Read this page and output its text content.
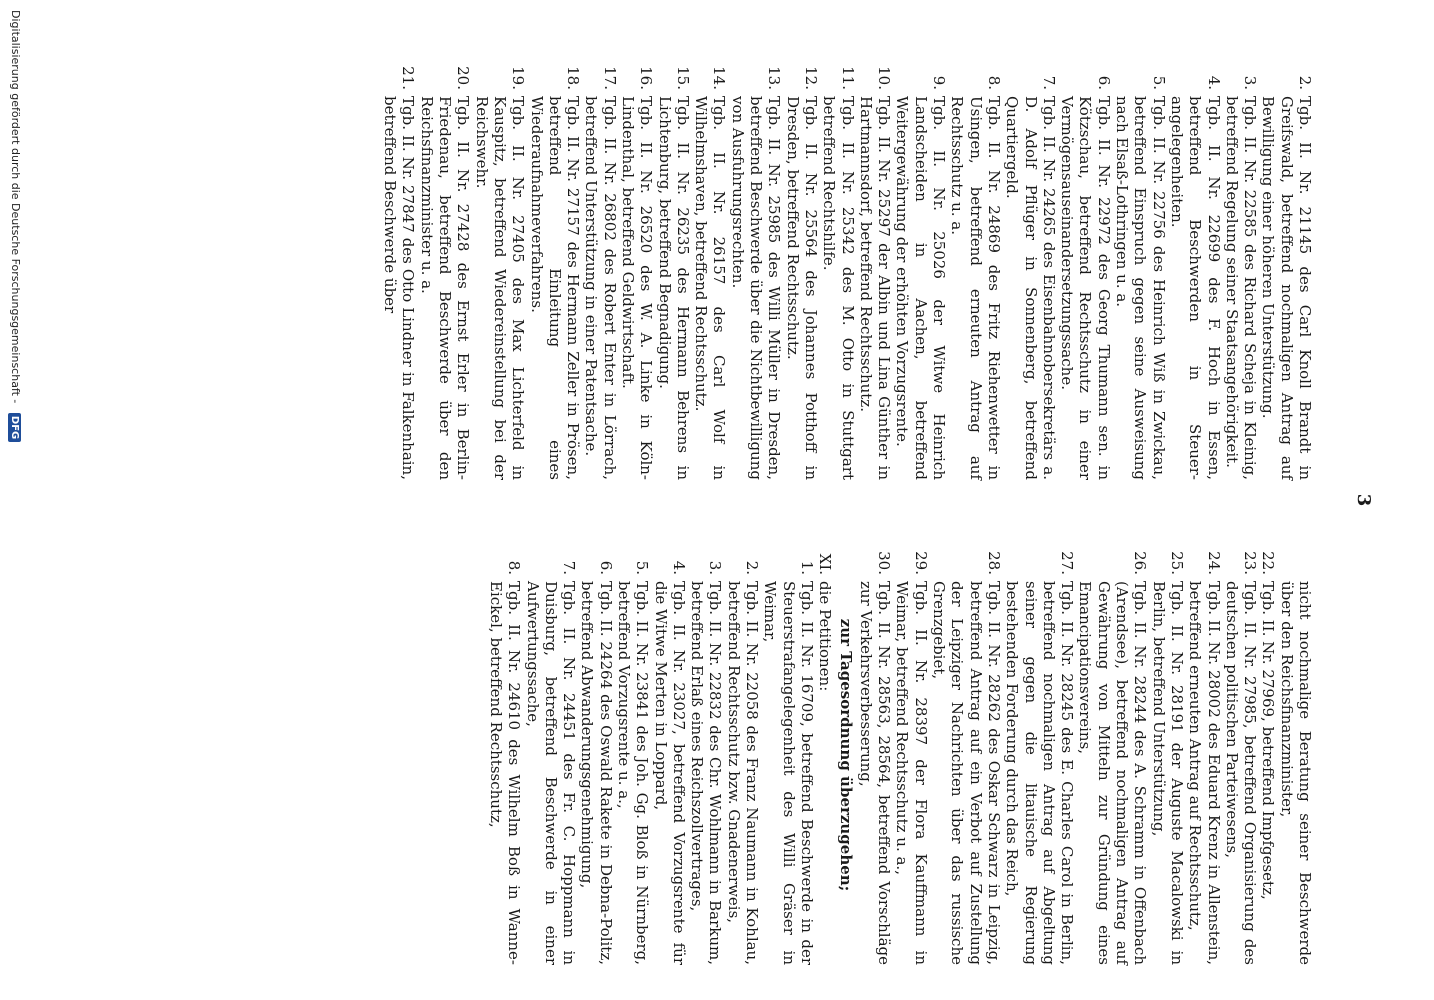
3
2.
Tgb. II. Nr. 21145 des Carl Knoll Brandt in Greifswald, betreffend nochmaligen Antrag auf Bewilligung einer höheren Unterstützung.
3.
Tgb. II. Nr. 22585 des Richard Scheja in Kleinig, betreffend Regelung seiner Staatsangehörigkeit.
4.
Tgb. II. Nr. 22699 des F. Hoch in Essen, betreffend Beschwerden in Steuerangelegenheiten.
5.
Tgb. II. Nr. 22756 des Heinrich Wiß in Zwickau, betreffend Einspruch gegen seine Ausweisung nach Elsaß-Lothringen u. a.
6.
Tgb. II. Nr. 22972 des Georg Thumann sen. in Kötzschau, betreffend Rechtsschutz in einer Vermögensauseinandersetzungssache.
7.
Tgb. II. Nr. 24265 des Eisenbahnobersekretärs a. D. Adolf Pflüger in Sonnenberg, betreffend Quartiergeld.
8.
Tgb. II. Nr. 24869 des Fritz Riehenwetter in Usingen, betreffend erneuten Antrag auf Rechtsschutz u. a.
9.
Tgb. II. Nr. 25026 der Witwe Heinrich Landscheiden in Aachen, betreffend Weitergewährung der erhöhten Vorzugsrente.
10.
Tgb. II. Nr. 25297 der Albin und Lina Günther in Hartmannsdorf, betreffend Rechtsschutz.
11.
Tgb. II. Nr. 25342 des M. Otto in Stuttgart betreffend Rechtshilfe.
12.
Tgb. II. Nr. 25564 des Johannes Potthoff in Dresden, betreffend Rechtsschutz.
13.
Tgb. II. Nr. 25985 des Willi Müller in Dresden, betreffend Beschwerde über die Nichtbewilligung von Ausfuhrungsrechten.
14.
Tgb. II. Nr. 26157 des Carl Wolf in Wilhelmshaven, betreffend Rechtsschutz.
15.
Tgb. II. Nr. 26235 des Hermann Behrens in Lichtenburg, betreffend Begnadigung.
16.
Tgb. II. Nr. 26520 des W. A. Linke in Köln-Lindenthal, betreffend Geldwirtschaft.
17.
Tgb. II. Nr. 26802 des Robert Enter in Lörrach, betreffend Unterstützung in einer Patentsache.
18.
Tgb. II. Nr. 27157 des Hermann Zeller in Prösen, betreffend Einleitung eines Wiederaufnahmeverfahrens.
19.
Tgb. II. Nr. 27405 des Max Lichterfeld in Kauspitz, betreffend Wiedereinstellung bei der Reichswehr.
20.
Tgb. II. Nr. 27428 des Ernst Erler in Berlin-Friedenau, betreffend Beschwerde über den Reichsfinanzminister u. a.
21.
Tgb. II. Nr. 27847 des Otto Lindner in Falkenhain, betreffend Beschwerde über
nicht nochmalige Beratung seiner Beschwerde über den Reichsfinanzminister,
22.
Tgb. II. Nr. 27969, betreffend Impfgesetz,
23.
Tgb. II. Nr. 27985, betreffend Organisierung des deutschen politischen Parteiwesens,
24.
Tgb. II. Nr. 28002 des Eduard Krenz in Allenstein, betreffend erneuten Antrag auf Rechtsschutz,
25.
Tgb. II. Nr. 28191 der Auguste Macalowski in Berlin, betreffend Unterstützung,
26.
Tgb. II. Nr. 28244 des A. Schramm in Offenbach (Arendsee), betreffend nochmaligen Antrag auf Gewährung von Mitteln zur Gründung eines Emancipationsvereins,
27.
Tgb. II. Nr. 28245 des E. Charles Carol in Berlin, betreffend nochmaligen Antrag auf Abgeltung seiner gegen die litauische Regierung bestehenden Forderung durch das Reich,
28.
Tgb. II. Nr. 28262 des Oskar Schwarz in Leipzig, betreffend Antrag auf ein Verbot auf Zustellung der Leipziger Nachrichten über das russische Grenzgebiet,
29.
Tgb. II. Nr. 28397 der Flora Kauffmann in Weimar, betreffend Rechtsschutz u. a.,
30.
Tgb. II. Nr. 28563, 28564, betreffend Vorschläge zur Verkehrsverbesserung,

zur Tagesordnung überzugehen;

XI.
die Petitionen:
1.
Tgb. II. Nr. 16709, betreffend Beschwerde in der Steuerstrafangelegenheit des Willi Gräser in Weimar,
2.
Tgb. II. Nr. 22058 des Franz Naumann in Kohlau, betreffend Rechtsschutz bzw. Gnadenerweis,
3.
Tgb. II. Nr. 22832 des Chr. Wohlmann in Barkum, betreffend Erlaß eines Reichszollvertrages,
4.
Tgb. II. Nr. 23027, betreffend Vorzugsrente für die Witwe Merten in Loppard,
5.
Tgb. II. Nr. 23841 des Joh. Gg. Bloß in Nürnberg, betreffend Vorzugsrente u. a.,
6.
Tgb. II. 24264 des Oswald Rakete in Debna-Politz, betreffend Abwanderungsgenehmigung,
7.
Tgb. II. Nr. 24451 des Fr. C. Hoppmann in Duisburg, betreffend Beschwerde in einer Aufwertungssache,
8.
Tgb. II. Nr. 24610 des Wilhelm Boß in Wanne-Eickel, betreffend Rechtsschutz,
Digitalisierung gefördert durch die Deutsche Forschungsgemeinschaft - DFG
